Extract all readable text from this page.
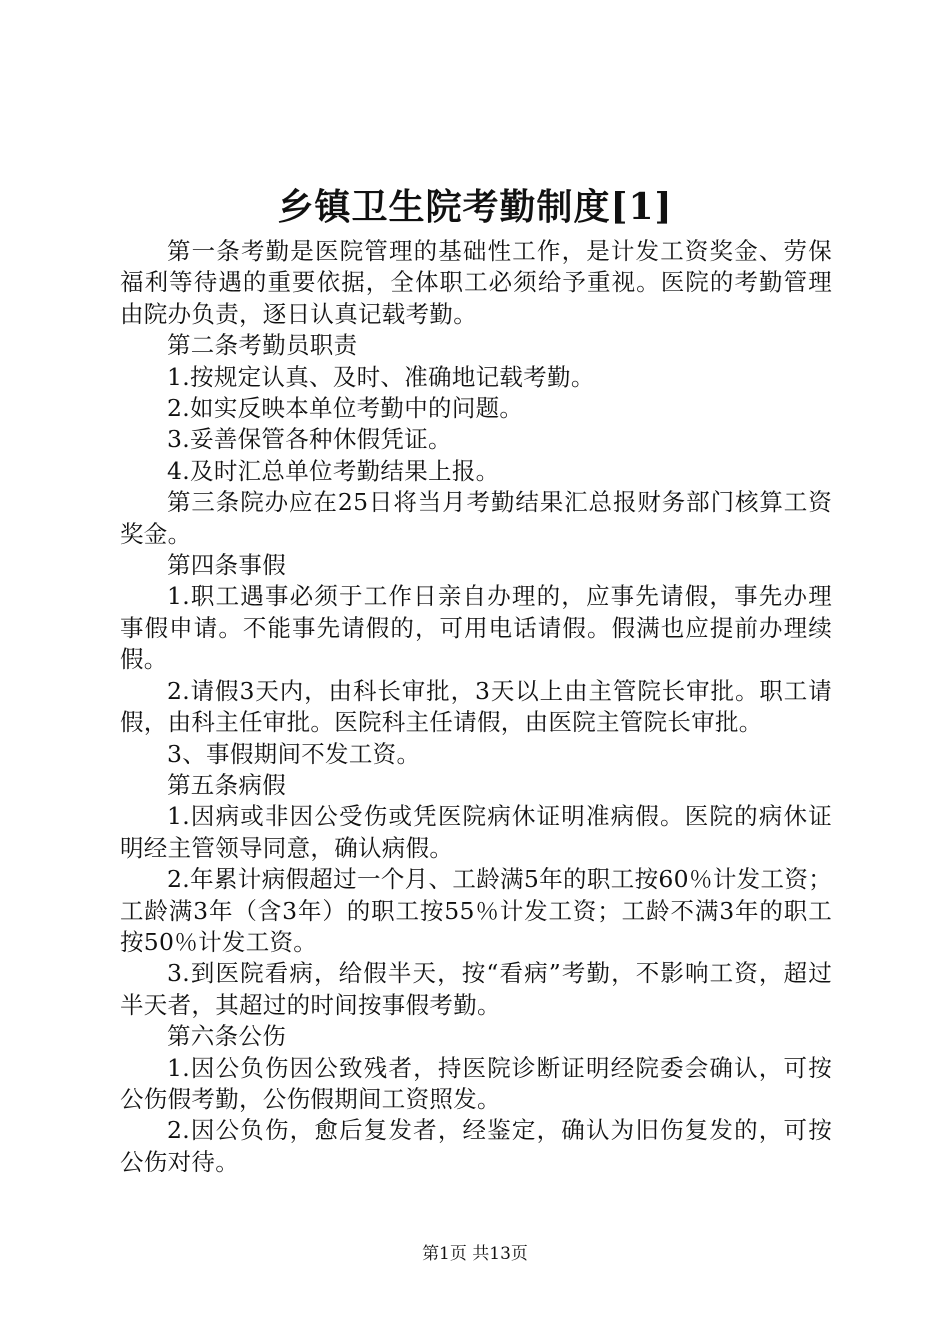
乡镇卫生院考勤制度[1]

第一条考勤是医院管理的基础性工作，是计发工资奖金、劳保福利等待遇的重要依据，全体职工必须给予重视。医院的考勤管理由院办负责，逐日认真记载考勤。

第二条考勤员职责

1.按规定认真、及时、准确地记载考勤。

2.如实反映本单位考勤中的问题。

3.妥善保管各种休假凭证。

4.及时汇总单位考勤结果上报。

第三条院办应在25日将当月考勤结果汇总报财务部门核算工资奖金。

第四条事假

1.职工遇事必须于工作日亲自办理的，应事先请假，事先办理事假申请。不能事先请假的，可用电话请假。假满也应提前办理续假。

2.请假3天内，由科长审批，3天以上由主管院长审批。职工请假，由科主任审批。医院科主任请假，由医院主管院长审批。

3、事假期间不发工资。

第五条病假

1.因病或非因公受伤或凭医院病休证明准病假。医院的病休证明经主管领导同意，确认病假。

2.年累计病假超过一个月、工龄满5年的职工按60％计发工资；工龄满3年（含3年）的职工按55％计发工资；工龄不满3年的职工按50％计发工资。

3.到医院看病，给假半天，按“看病”考勤，不影响工资，超过半天者，其超过的时间按事假考勤。

第六条公伤

1.因公负伤因公致残者，持医院诊断证明经院委会确认，可按公伤假考勤，公伤假期间工资照发。

2.因公负伤，愈后复发者，经鉴定，确认为旧伤复发的，可按公伤对待。

第1页 共13页
